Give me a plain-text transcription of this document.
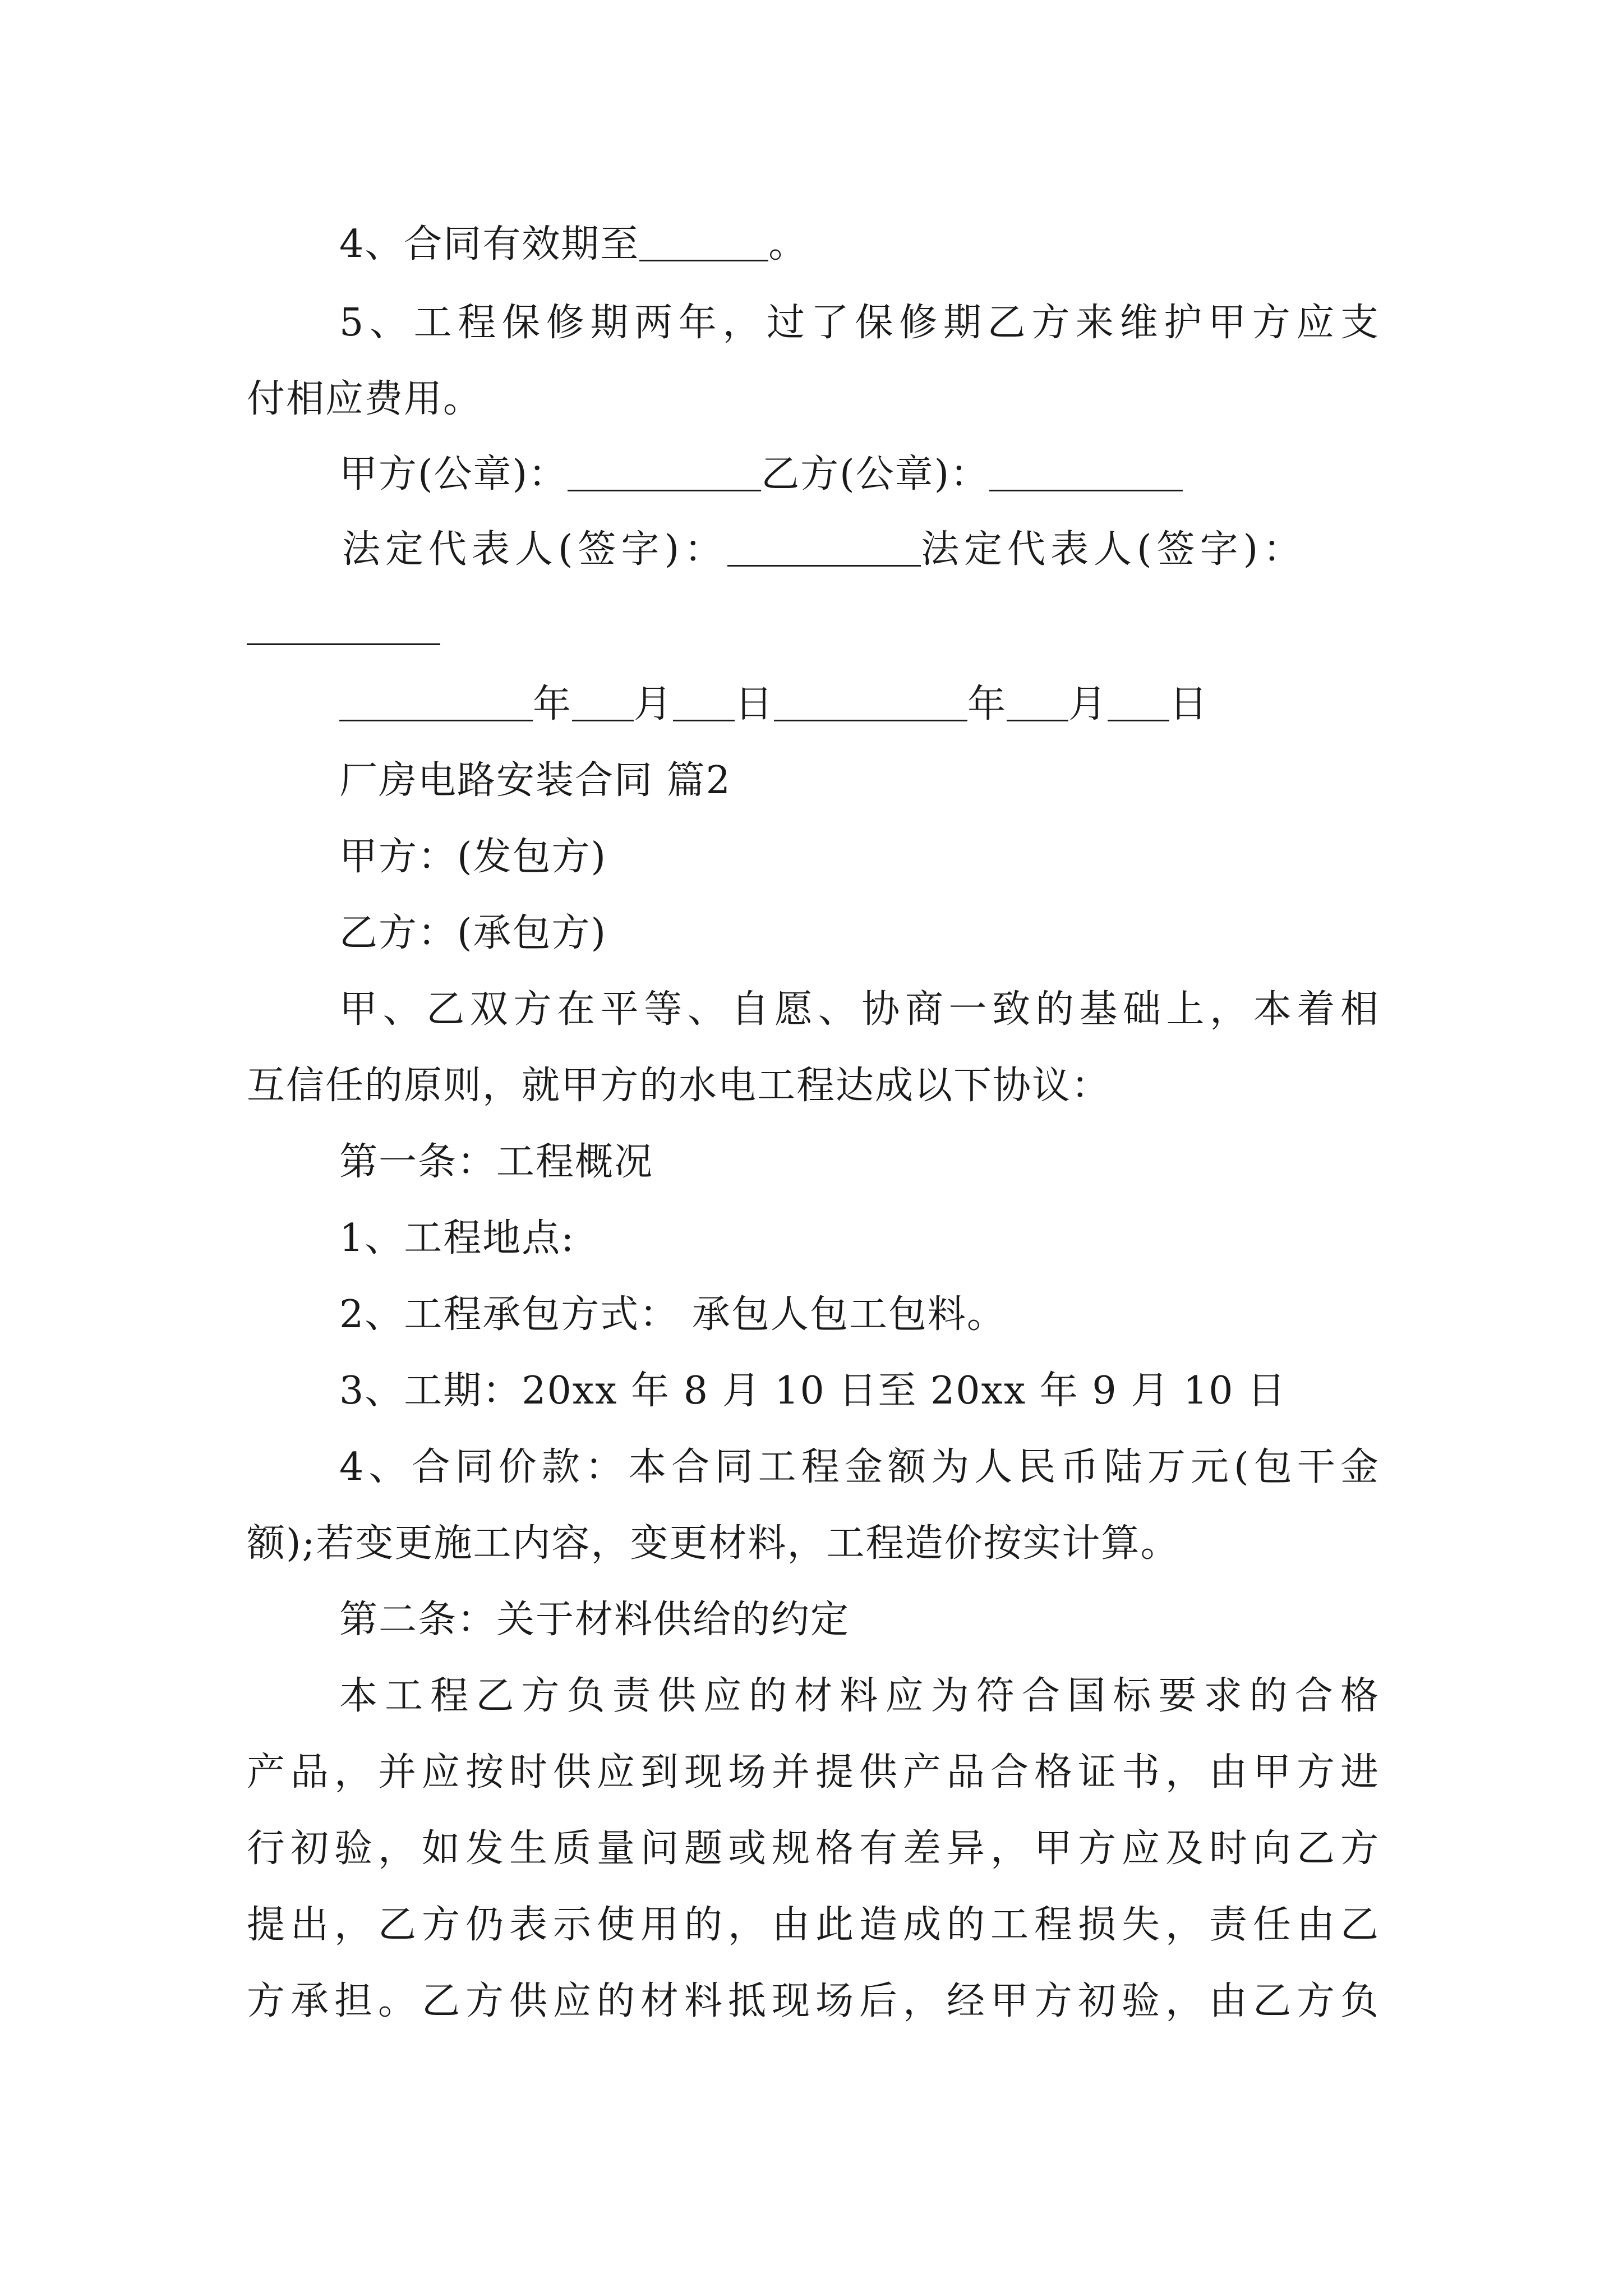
4、合同有效期至	。
5、工程保修期两年，过了保修期乙方来维护甲方应支
付相应费用。
甲方(公章)：	乙方(公章)：
法定代表人(签字)：	法定代表人(签字)：
年 月 日	年 月 日
厂房电路安装合同 篇2
甲方：(发包方)
乙方：(承包方)
甲、乙双方在平等、自愿、协商一致的基础上，本着相
互信任的原则，就甲方的水电工程达成以下协议：
第一条：工程概况
1、工程地点:
2、工程承包方式： 承包人包工包料。
3、工期：20xx 年 8 月 10 日至 20xx 年 9 月 10 日
4、合同价款：本合同工程金额为人民币陆万元(包干金
额);若变更施工内容，变更材料，工程造价按实计算。
第二条：关于材料供给的约定
本工程乙方负责供应的材料应为符合国标要求的合格
产品，并应按时供应到现场并提供产品合格证书，由甲方进
行初验，如发生质量问题或规格有差异，甲方应及时向乙方
提出，乙方仍表示使用的，由此造成的工程损失，责任由乙
方承担。乙方供应的材料抵现场后，经甲方初验，由乙方负
